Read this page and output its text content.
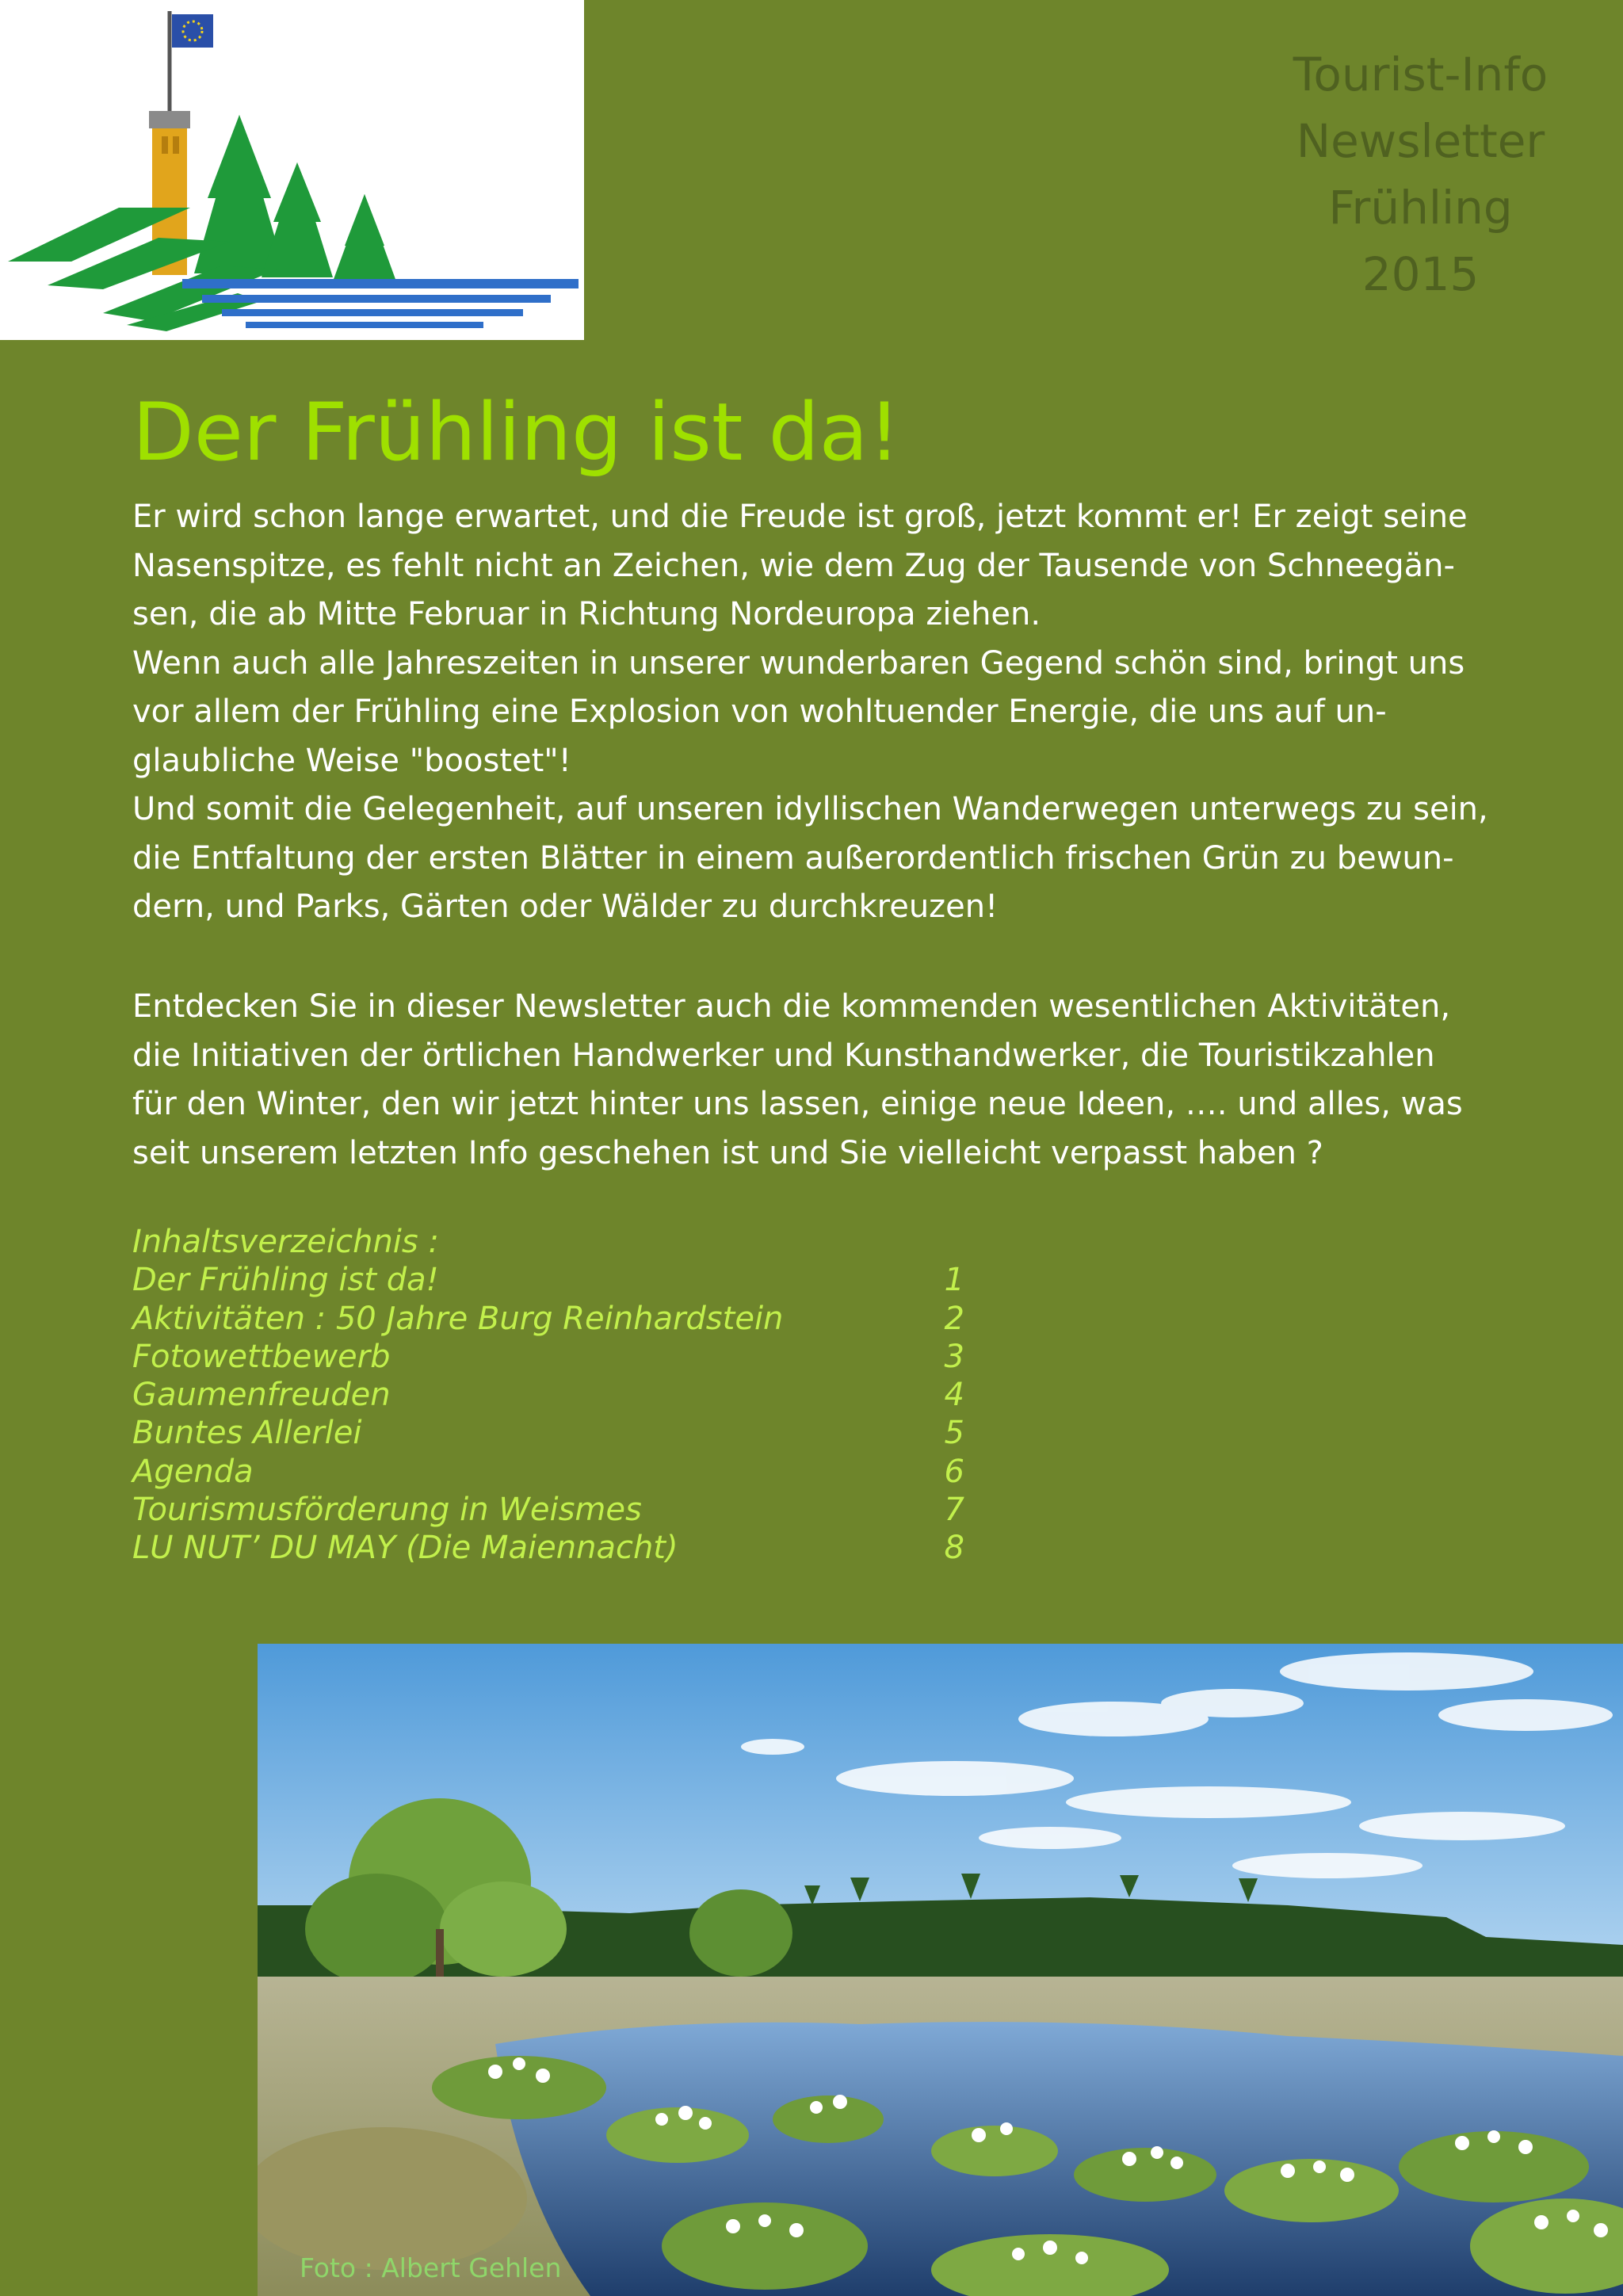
Tourist-Info
Newsletter
Frühling
2015
Der Frühling ist da!
Er wird schon lange erwartet, und die Freude ist groß, jetzt kommt er! Er zeigt seine
Nasenspitze, es fehlt nicht an Zeichen, wie dem Zug der Tausende von Schneegän-
sen, die ab Mitte Februar in Richtung Nordeuropa ziehen.
Wenn auch alle Jahreszeiten in unserer wunderbaren Gegend schön sind, bringt uns
vor allem der Frühling eine Explosion von wohltuender Energie, die uns auf un-
glaubliche Weise "boostet"!
Und somit die Gelegenheit, auf unseren idyllischen Wanderwegen unterwegs zu sein,
die Entfaltung der ersten Blätter in einem außerordentlich frischen Grün zu bewun-
dern, und Parks, Gärten oder Wälder zu durchkreuzen!
Entdecken Sie in dieser Newsletter auch die kommenden wesentlichen Aktivitäten,
die Initiativen der örtlichen Handwerker und Kunsthandwerker, die Touristikzahlen
für den Winter, den wir jetzt hinter uns lassen, einige neue Ideen, …. und alles, was
seit unserem letzten Info geschehen ist und Sie vielleicht verpasst haben ?
Inhaltsverzeichnis :
Der Frühling ist da!	1
Aktivitäten : 50 Jahre Burg Reinhardstein	2
Fotowettbewerb	3
Gaumenfreuden	4
Buntes Allerlei	5
Agenda	6
Tourismusförderung in Weismes	7
LU NUT’ DU MAY (Die Maiennacht)	8
Foto : Albert Gehlen
